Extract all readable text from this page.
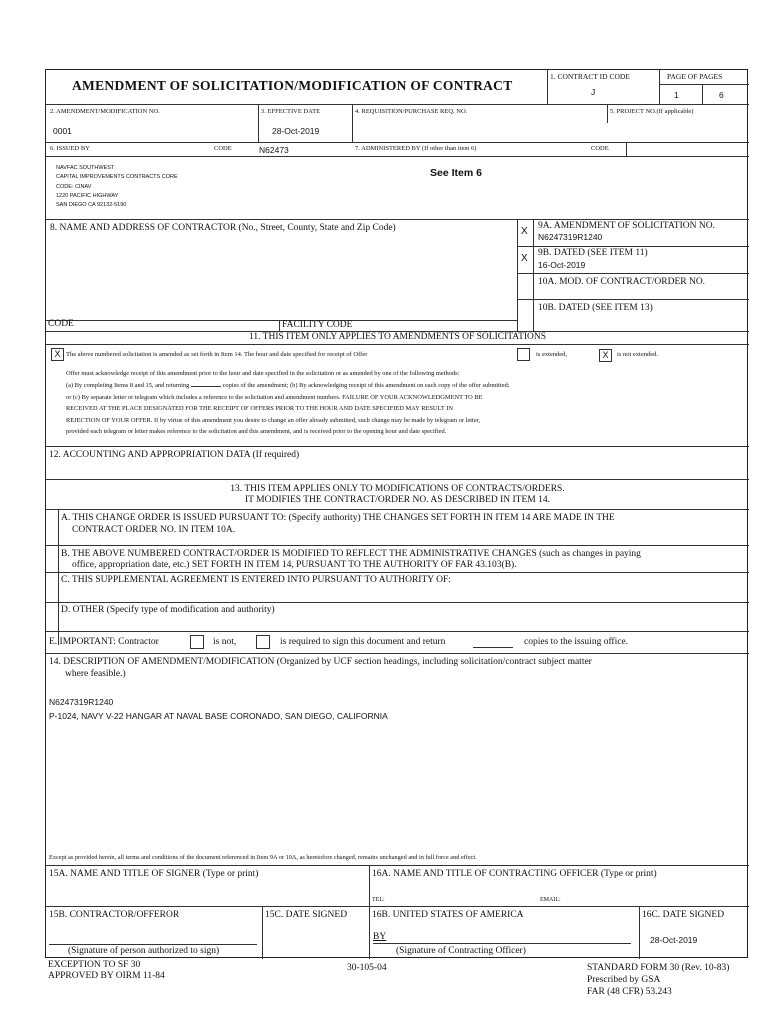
AMENDMENT OF SOLICITATION/MODIFICATION OF CONTRACT
1. CONTRACT ID CODE
J
PAGE OF PAGES
1	6
2. AMENDMENT/MODIFICATION NO.
0001
3. EFFECTIVE DATE
28-Oct-2019
4. REQUISITION/PURCHASE REQ. NO.	5. PROJECT NO.(If applicable)
6. ISSUED BY	CODE	N62473	7. ADMINISTERED BY (If other than item 6)	CODE
NAVFAC SOUTHWEST
CAPITAL IMPROVEMENTS CONTRACTS CORE
CODE: CINAV
1220 PACIFIC HIGHWAY
SAN DIEGO CA 92132-5190
See Item 6
8. NAME AND ADDRESS OF CONTRACTOR (No., Street, County, State and Zip Code)	X 9A. AMENDMENT OF SOLICITATION NO.
N6247319R1240
X 9B. DATED (SEE ITEM 11)
16-Oct-2019
10A. MOD. OF CONTRACT/ORDER NO.
10B. DATED (SEE ITEM 13)
CODE	FACILITY CODE
11. THIS ITEM ONLY APPLIES TO AMENDMENTS OF SOLICITATIONS
X The above numbered solicitation is amended as set forth in Item 14. The hour and date specified for receipt of Offer	is extended,	X	is not extended.
Offer must acknowledge receipt of this amendment prior to the hour and date specified in the solicitation or as amended by one of the following methods:
(a) By completing Items 8 and 15, and returning	copies of the amendment; (b) By acknowledging receipt of this amendment on each copy of the offer submitted;
or (c) By separate letter or telegram which includes a reference to the solicitation and amendment numbers. FAILURE OF YOUR ACKNOWLEDGMENT TO BE
RECEIVED AT THE PLACE DESIGNATED FOR THE RECEIPT OF OFFERS PRIOR TO THE HOUR AND DATE SPECIFIED MAY RESULT IN
REJECTION OF YOUR OFFER. If by virtue of this amendment you desire to change an offer already submitted, such change may be made by telegram or letter,
provided each telegram or letter makes reference to the solicitation and this amendment, and is received prior to the opening hour and date specified.
12. ACCOUNTING AND APPROPRIATION DATA (If required)
13. THIS ITEM APPLIES ONLY TO MODIFICATIONS OF CONTRACTS/ORDERS.
IT MODIFIES THE CONTRACT/ORDER NO. AS DESCRIBED IN ITEM 14.
A. THIS CHANGE ORDER IS ISSUED PURSUANT TO: (Specify authority) THE CHANGES SET FORTH IN ITEM 14 ARE MADE IN THE
CONTRACT ORDER NO. IN ITEM 10A.
B. THE ABOVE NUMBERED CONTRACT/ORDER IS MODIFIED TO REFLECT THE ADMINISTRATIVE CHANGES (such as changes in paying
office, appropriation date, etc.) SET FORTH IN ITEM 14, PURSUANT TO THE AUTHORITY OF FAR 43.103(B).
C. THIS SUPPLEMENTAL AGREEMENT IS ENTERED INTO PURSUANT TO AUTHORITY OF:
D. OTHER (Specify type of modification and authority)
E. IMPORTANT: Contractor	is not,	is required to sign this document and return	copies to the issuing office.
14. DESCRIPTION OF AMENDMENT/MODIFICATION (Organized by UCF section headings, including solicitation/contract subject matter
where feasible.)
N6247319R1240
P-1024, NAVY V-22 HANGAR AT NAVAL BASE CORONADO, SAN DIEGO, CALIFORNIA
Except as provided herein, all terms and conditions of the document referenced in Item 9A or 10A, as heretofore changed, remains unchanged and in full force and effect.
15A. NAME AND TITLE OF SIGNER (Type or print)	16A. NAME AND TITLE OF CONTRACTING OFFICER (Type or print)
TEL:	EMAIL:
15B. CONTRACTOR/OFFEROR	15C. DATE SIGNED	16B. UNITED STATES OF AMERICA	16C. DATE SIGNED
(Signature of person authorized to sign)
BY
(Signature of Contracting Officer)
28-Oct-2019
EXCEPTION TO SF 30
APPROVED BY OIRM 11-84
30-105-04	STANDARD FORM 30 (Rev. 10-83)
Prescribed by GSA
FAR (48 CFR) 53.243
